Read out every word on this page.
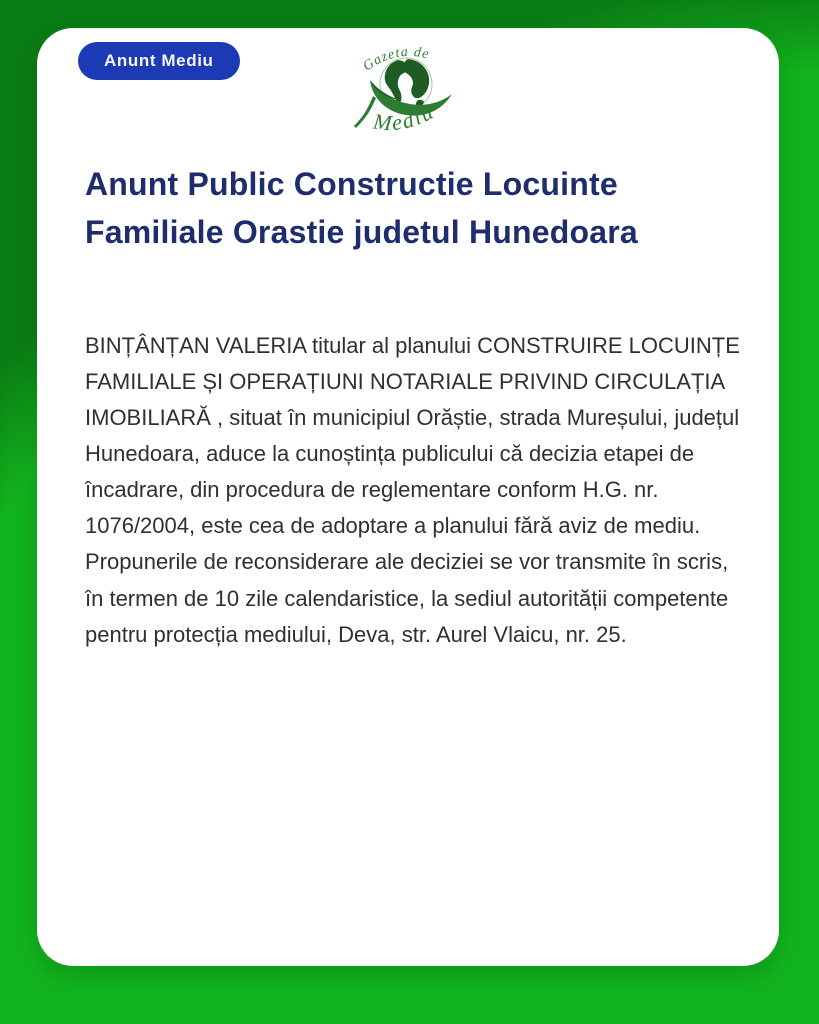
Anunt Mediu	Gazeta de
Mediu
Anunt Public Constructie Locuinte
Familiale Orastie judetul Hunedoara

BINȚÂNȚAN VALERIA titular al planului CONSTRUIRE LOCUINȚE FAMILIALE ȘI OPERAȚIUNI NOTARIALE PRIVIND CIRCULAȚIA IMOBILIARĂ , situat în municipiul Orăștie, strada Mureșului, județul Hunedoara, aduce la cunoștința publicului că decizia etapei de încadrare, din procedura de reglementare conform H.G. nr. 1076/2004, este cea de adoptare a planului fără aviz de mediu. Propunerile de reconsiderare ale deciziei se vor transmite în scris, în termen de 10 zile calendaristice, la sediul autorității competente pentru protecția mediului, Deva, str. Aurel Vlaicu, nr. 25.
